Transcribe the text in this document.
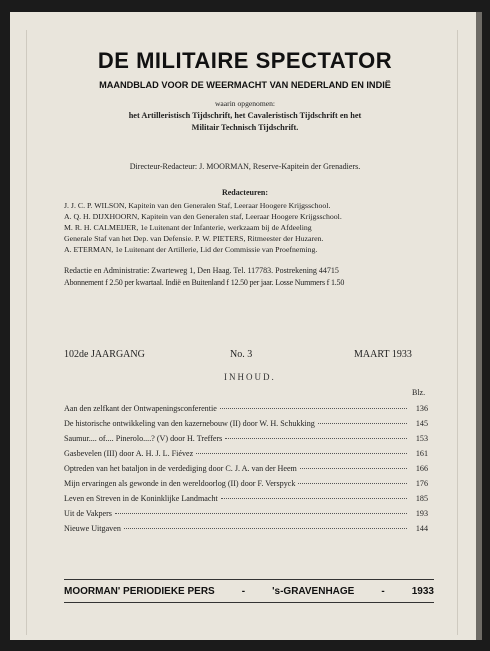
DE MILITAIRE SPECTATOR
MAANDBLAD VOOR DE WEERMACHT VAN NEDERLAND EN INDIË
waarin opgenomen:
het Artilleristisch Tijdschrift, het Cavaleristisch Tijdschrift en het
Militair Technisch Tijdschrift.
Directeur-Redacteur: J. MOORMAN, Reserve-Kapitein der Grenadiers.
Redacteuren:
J. J. C. P. WILSON, Kapitein van den Generalen Staf, Leeraar Hoogere Krijgsschool.
A. Q. H. DIJXHOORN, Kapitein van den Generalen staf, Leeraar Hoogere Krijgsschool.
M. R. H. CALMEIJER, 1e Luitenant der Infanterie, werkzaam bij de Afdeeling
Generale Staf van het Dep. van Defensie. P. W. PIETERS, Ritmeester der Huzaren.
A. ETERMAN, 1e Luitenant der Artillerie, Lid der Commissie van Proefneming.
Redactie en Administratie: Zwarteweg 1, Den Haag. Tel. 117783. Postrekening 44715
Abonnement f 2.50 per kwartaal. Indië en Buitenland f 12.50 per jaar. Losse Nummers f 1.50
102de JAARGANG	No. 3	MAART 1933
INHOUD.
Blz.
Aan den zelfkant der Ontwapeningsconferentie	136
De historische ontwikkeling van den kazernebouw (II) door W. H. Schukking	145
Saumur.... of.... Pinerolo....? (V) door H. Treffers	153
Gasbevelen (III) door A. H. J. L. Fiévez	161
Optreden van het bataljon in de verdediging door C. J. A. van der Heem	166
Mijn ervaringen als gewonde in den wereldoorlog (II) door F. Verspyck	176
Leven en Streven in de Koninklijke Landmacht	185
Uit de Vakpers	193
Nieuwe Uitgaven	144
MOORMAN' PERIODIEKE PERS	-	's-GRAVENHAGE	-	1933
